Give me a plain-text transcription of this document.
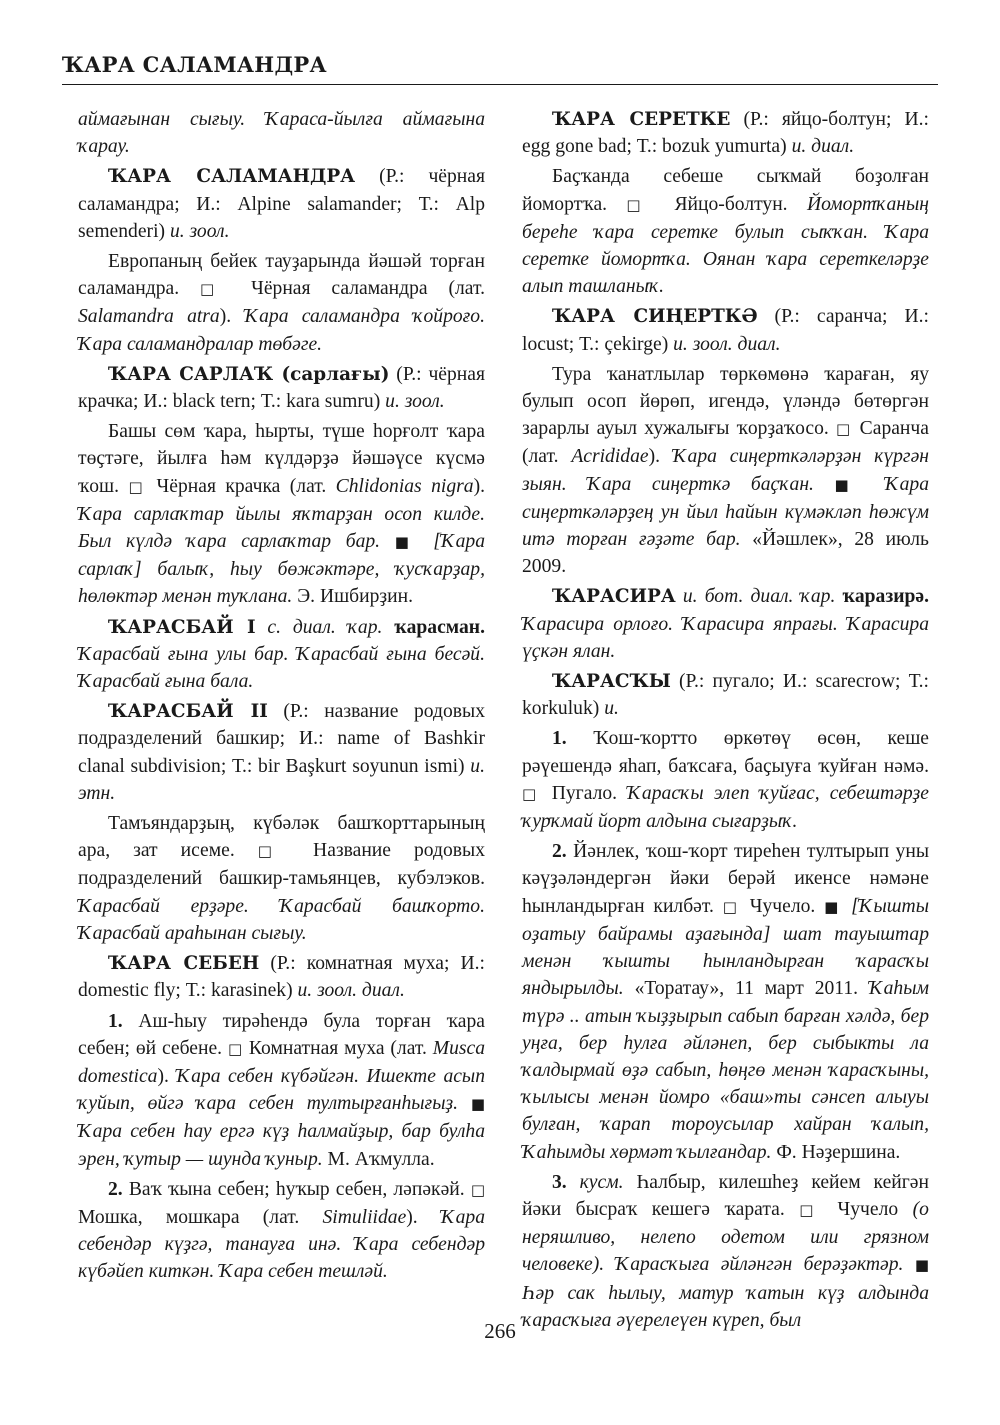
ҠАРА САЛАМАНДРА

аймағынан сығыу. Ҡараса-йылға аймағына ҡарау.

ҠАРА САЛАМАНДРА (Р.: чёрная саламандра; И.: Alpine salamander; Т.: Alp semenderi) и. зоол.

Европаның бейек тауҙарында йәшәй торған саламандра. □ Чёрная саламандра (лат. Salamandra atra). Ҡара саламандра ҡойроғо. Ҡара саламандралар төбәге.

ҠАРА САРЛАҠ (сарлағы) (Р.: чёрная крачка; И.: black tern; Т.: kara sumru) и. зоол.

Башы сөм ҡара, һырты, түше һорғолт ҡара төҫтәге, йылға һәм күлдәрҙә йәшәүсе күсмә ҡош. □ Чёрная крачка (лат. Chlidonias nigra). Ҡара сарлаҡтар йылы яҡтарҙан осоп килде. Был күлдә ҡара сарлаҡтар бар. ■ [Ҡара сарлаҡ] балыҡ, һыу бөжәктәре, ҡусҡарҙар, һөлөктәр менән туҡлана. Э. Ишбирҙин.

ҠАРАСБАЙ I с. диал. ҡар. ҡарасман. Ҡарасбай ғына улы бар. Ҡарасбай ғына бесәй. Ҡарасбай ғына бала.

ҠАРАСБАЙ II (Р.: название родовых подразделений башкир; И.: name of Bashkir clanal subdivision; Т.: bir Başkurt soyunun ismi) и. этн.

Тамъяндарҙың, күбәләк башҡорттарының ара, зат исеме. □ Название родовых подразделений башкир-тамьянцев, кубэлэков. Ҡарасбай ерҙәре. Ҡарасбай башҡорто. Ҡарасбай араһынан сығыу.

ҠАРА СЕБЕН (Р.: комнатная муха; И.: domestic fly; Т.: karasinek) и. зоол. диал.

1. Аш-һыу тирәһендә була торған ҡара себен; өй себене. □ Комнатная муха (лат. Musca domestica). Ҡара себен күбәйгән. Ишекте асып ҡуйып, өйгә ҡара себен тултырғанһығыҙ. ■ Ҡара себен һау ергә күҙ һалмайҙыр, бар булһа эрен, ҡутыр — шунда ҡуныр. М. Аҡмулла.

2. Ваҡ ҡына себен; һуҡыр себен, ләпәкәй. □ Мошка, мошкара (лат. Simuliidae). Ҡара себендәр күҙгә, танауға инә. Ҡара себендәр күбәйеп киткән. Ҡара себен тешләй.

ҠАРА СЕРЕТКЕ (Р.: яйцо-болтун; И.: egg gone bad; Т.: bozuk yumurta) и. диал.

Баҫҡанда себеше сыҡмай боҙолған йомортҡа. □ Яйцо-болтун. Йомортҡаның береһе ҡара серетке булып сыҡҡан. Ҡара серетке йомортҡа. Оянан ҡара сереткеләрҙе алып ташланыҡ.

ҠАРА СИҢЕРТКӘ (Р.: саранча; И.: locust; Т.: çekirge) и. зоол. диал.

Тура ҡанатлылар төркөмөнә ҡараған, яу булып осоп йөрөп, игендә, үләндә бөтөргән зарарлы ауыл хужалығы ҡорҙаҡосо. □ Саранча (лат. Acrididae). Ҡара сиңерткәләрҙән күргән зыян. Ҡара сиңерткә баҫҡан. ■ Ҡара сиңерткәләрҙең ун йыл һайын күмәкләп һөжүм итә торған ғәҙәте бар. «Йәшлек», 28 июль 2009.

ҠАРАСИРА и. бот. диал. ҡар. ҡаразирә. Ҡарасира орлоғо. Ҡарасира япрағы. Ҡарасира үҫкән ялан.

ҠАРАСҠЫ (Р.: пугало; И.: scarecrow; Т.: korkuluk) и.

1. Ҡош-ҡортто өркөтөү өсөн, кеше рәүешендә яһап, баҡсаға, баҫыуға ҡуйған нәмә. □ Пугало. Ҡарасҡы элеп ҡуйғас, себештәрҙе ҡурҡмай йорт алдына сығарҙыҡ.

2. Йәнлек, ҡош-ҡорт тиреһен тултырып уны кәүҙәләндергән йәки берәй икенсе нәмәне һынландырған килбәт. □ Чучело. ■ [Ҡышты оҙатыу байрамы аҙағында] шат тауыштар менән ҡышты һынландырған ҡарасҡы яндырылды. «Торатау», 11 март 2011. Ҡаһым түрә .. атын ҡыҙҙырып сабып барған хәлдә, бер уңға, бер һулға әйләнеп, бер сыбыкты ла ҡалдырмай өҙә сабып, һөңгө менән ҡарасҡыны, ҡылысы менән йомро «баш»ты сәнсеп алыуы булған, ҡарап тороусылар хайран ҡалып, Ҡаһымды хөрмәт ҡылғандар. Ф. Нәҙершина.

3. кусм. Һалбыр, килешһеҙ кейем кейгән йәки бысраҡ кешегә ҡарата. □ Чучело (о неряшливо, нелепо одетом или грязном человеке). Ҡарасҡыға әйләнгән берәҙәктәр. ■ Һәр сак һылыу, матур ҡатын күҙ алдында ҡарасҡыға әүерелеүен күреп, был

266
